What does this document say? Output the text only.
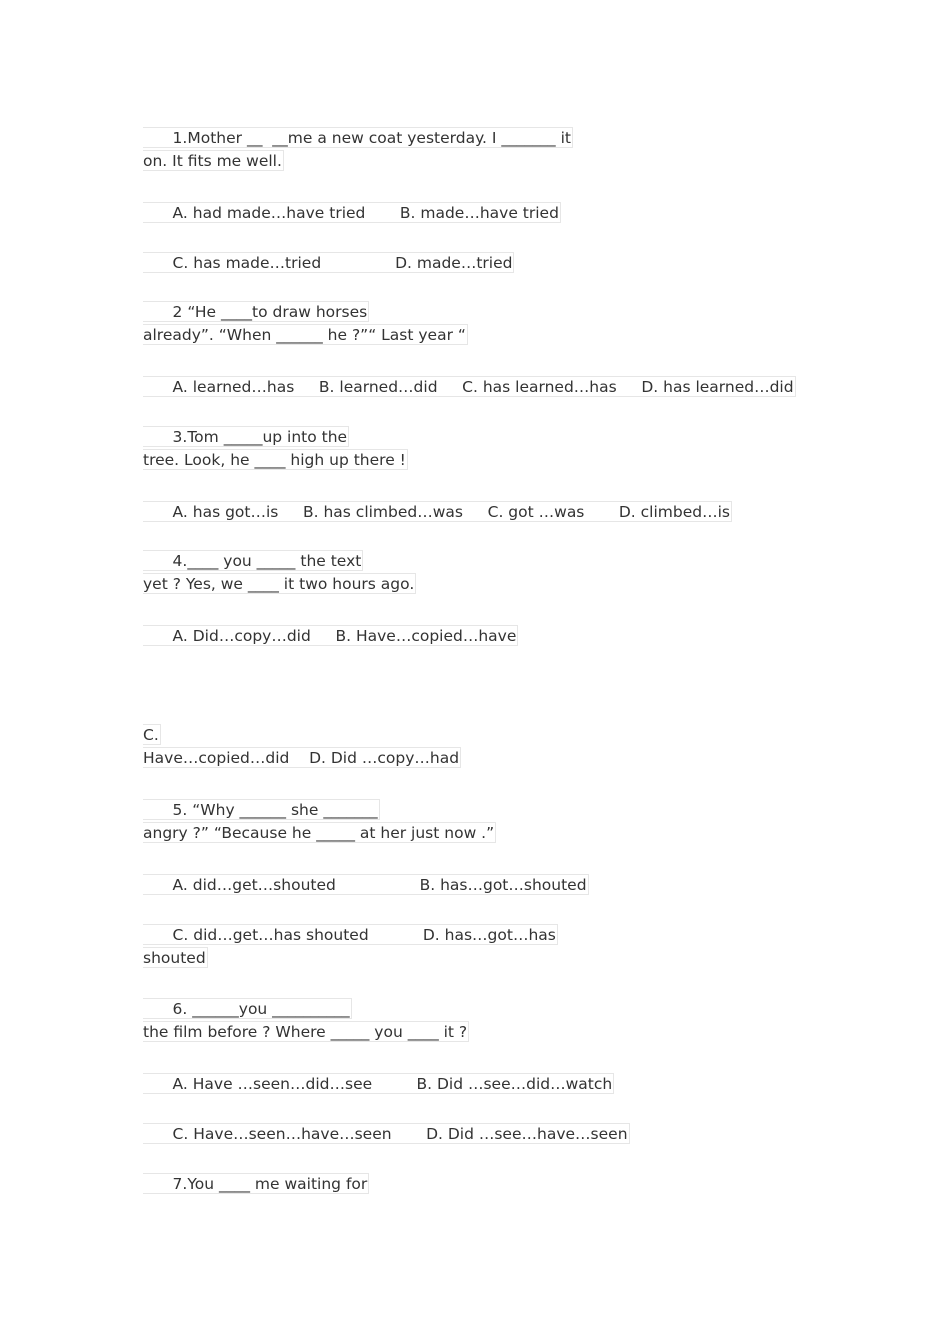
1.Mother __  __me a new coat yesterday. I _______ it
on. It fits me well.
A. had made…have tried       B. made…have tried
C. has made…tried               D. made…tried
2 “He ____to draw horses
already”. “When ______ he ?”“ Last year “
A. learned…has     B. learned…did     C. has learned…has     D. has learned…did
3.Tom _____up into the
tree. Look, he ____ high up there !
A. has got…is     B. has climbed…was     C. got …was       D. climbed…is
4.____ you _____ the text
yet ? Yes, we ____ it two hours ago.
A. Did…copy…did     B. Have…copied…have
C.
Have…copied…did    D. Did …copy…had
5. “Why ______ she _______
angry ?” “Because he _____ at her just now .”
A. did…get…shouted                 B. has…got…shouted
C. did…get…has shouted           D. has…got…has
shouted
6. ______you __________
the film before ? Where _____ you ____ it ?
A. Have …seen…did…see         B. Did …see…did…watch
C. Have…seen…have…seen       D. Did …see…have…seen
7.You ____ me waiting for
